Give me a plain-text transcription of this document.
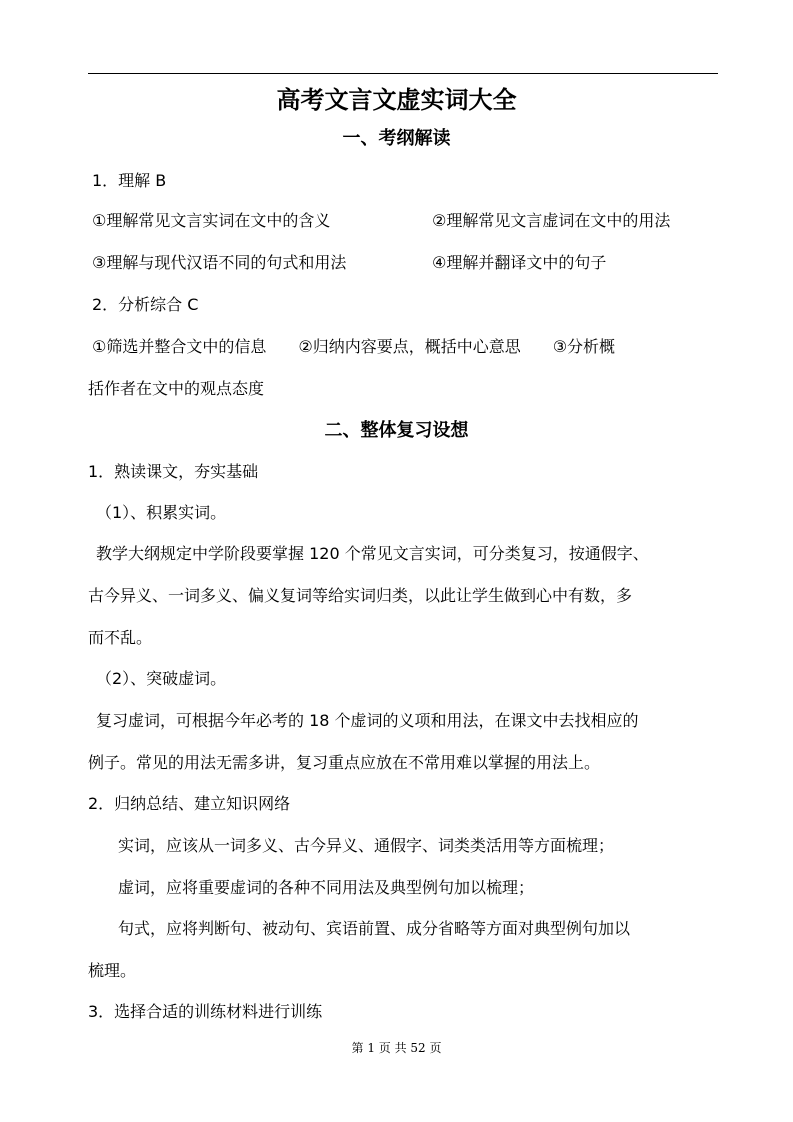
高考文言文虚实词大全
一、考纲解读
1．理解 B
①理解常见文言实词在文中的含义	②理解常见文言虚词在文中的用法
③理解与现代汉语不同的句式和用法	④理解并翻译文中的句子
2．分析综合 C
①筛选并整合文中的信息　　②归纳内容要点，概括中心意思　　③分析概
括作者在文中的观点态度
二、整体复习设想
1．熟读课文，夯实基础
（1）、积累实词。
教学大纲规定中学阶段要掌握 120 个常见文言实词，可分类复习，按通假字、
古今异义、一词多义、偏义复词等给实词归类，以此让学生做到心中有数，多
而不乱。
（2）、突破虚词。
复习虚词，可根据今年必考的 18 个虚词的义项和用法，在课文中去找相应的
例子。常见的用法无需多讲，复习重点应放在不常用难以掌握的用法上。
2．归纳总结、建立知识网络
实词，应该从一词多义、古今异义、通假字、词类类活用等方面梳理；
虚词，应将重要虚词的各种不同用法及典型例句加以梳理；
句式，应将判断句、被动句、宾语前置、成分省略等方面对典型例句加以
梳理。
3．选择合适的训练材料进行训练
第 1 页 共 52 页
